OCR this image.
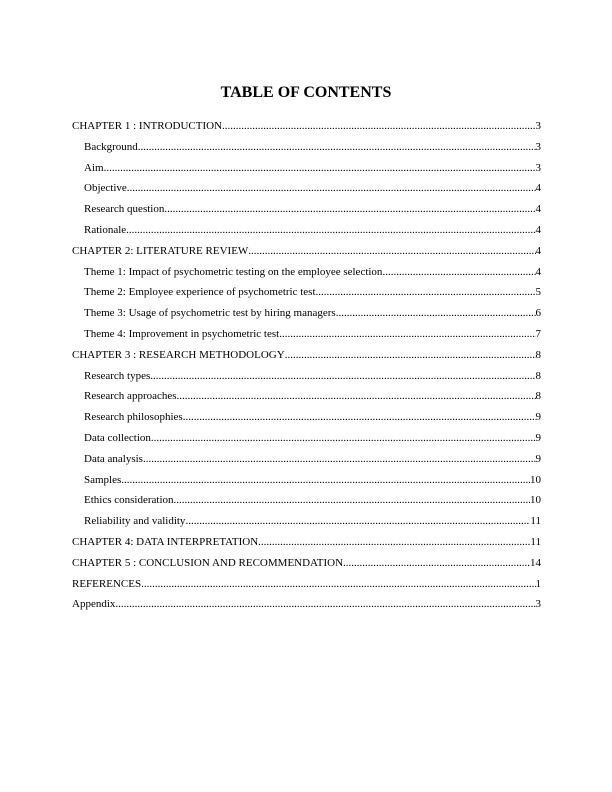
TABLE OF CONTENTS
CHAPTER 1 : INTRODUCTION .....	3
Background .....	3
Aim .....	3
Objective .....	4
Research question .....	4
Rationale .....	4
CHAPTER 2: LITERATURE REVIEW .....	4
Theme 1: Impact of psychometric testing on the employee selection .....	4
Theme 2: Employee experience of psychometric test .....	5
Theme 3: Usage of psychometric test by hiring managers .....	6
Theme 4: Improvement in psychometric test .....	7
CHAPTER 3 : RESEARCH METHODOLOGY .....	8
Research types .....	8
Research approaches .....	8
Research philosophies .....	9
Data collection .....	9
Data analysis .....	9
Samples .....	10
Ethics consideration .....	10
Reliability and validity .....	11
CHAPTER 4: DATA INTERPRETATION .....	11
CHAPTER 5 : CONCLUSION AND RECOMMENDATION .....	14
REFERENCES .....	1
Appendix .....	3
